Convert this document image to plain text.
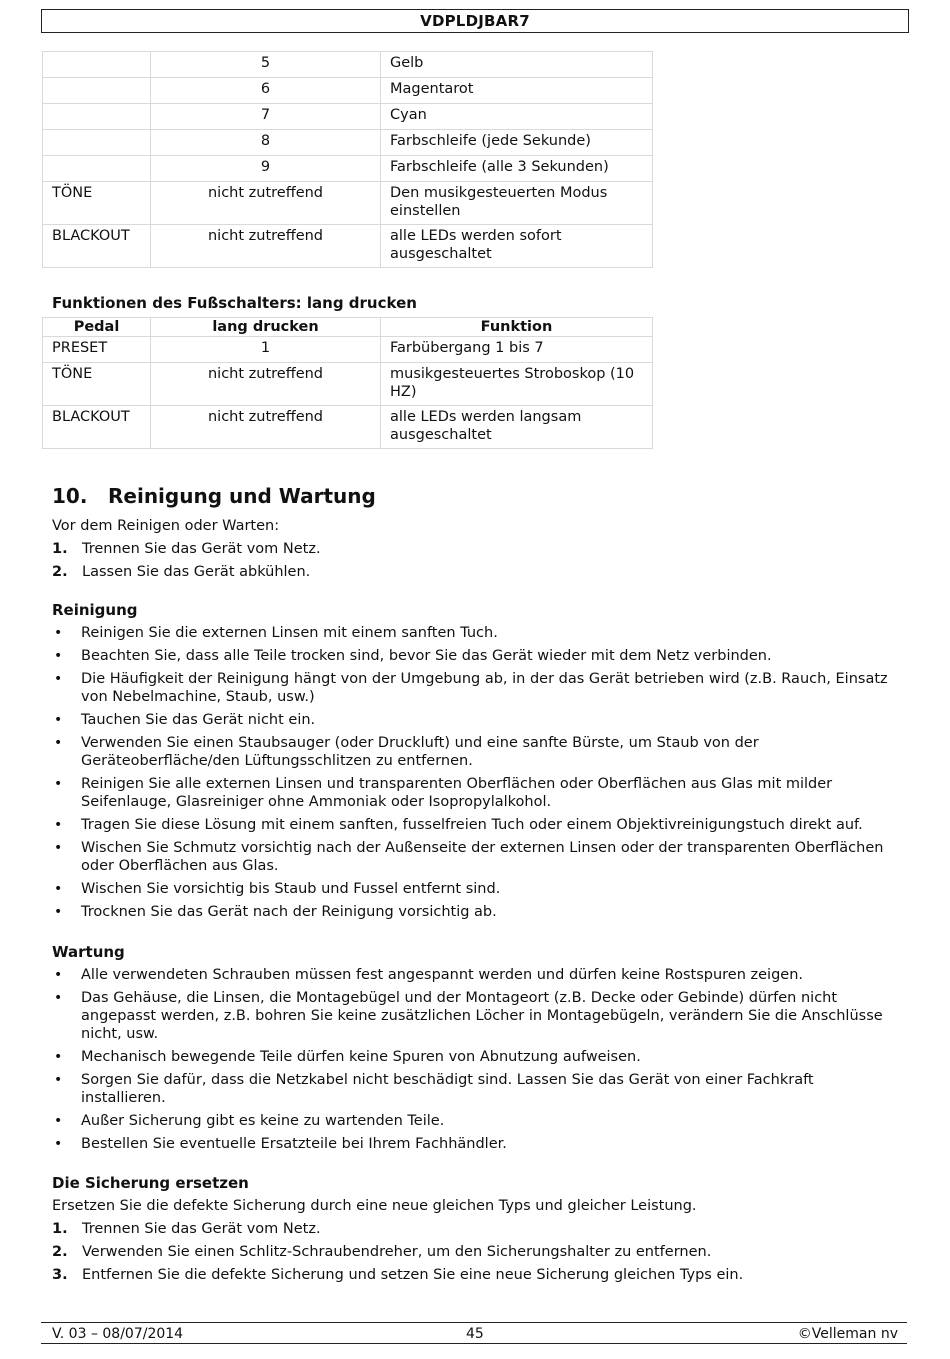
VDPLDJBAR7
	5	Gelb
	6	Magentarot
	7	Cyan
	8	Farbschleife (jede Sekunde)
	9	Farbschleife (alle 3 Sekunden)
TÖNE	nicht zutreffend	Den musikgesteuerten Modus einstellen
BLACKOUT	nicht zutreffend	alle LEDs werden sofort ausgeschaltet
Funktionen des Fußschalters: lang drucken
Pedal	lang drucken	Funktion
PRESET	1	Farbübergang 1 bis 7
TÖNE	nicht zutreffend	musikgesteuertes Stroboskop (10 HZ)
BLACKOUT	nicht zutreffend	alle LEDs werden langsam ausgeschaltet
10. Reinigung und Wartung
Vor dem Reinigen oder Warten:
1. Trennen Sie das Gerät vom Netz.
2. Lassen Sie das Gerät abkühlen.
Reinigung
• Reinigen Sie die externen Linsen mit einem sanften Tuch.
• Beachten Sie, dass alle Teile trocken sind, bevor Sie das Gerät wieder mit dem Netz verbinden.
• Die Häufigkeit der Reinigung hängt von der Umgebung ab, in der das Gerät betrieben wird (z.B. Rauch, Einsatz von Nebelmachine, Staub, usw.)
• Tauchen Sie das Gerät nicht ein.
• Verwenden Sie einen Staubsauger (oder Druckluft) und eine sanfte Bürste, um Staub von der Geräteoberfläche/den Lüftungsschlitzen zu entfernen.
• Reinigen Sie alle externen Linsen und transparenten Oberflächen oder Oberflächen aus Glas mit milder Seifenlauge, Glasreiniger ohne Ammoniak oder Isopropylalkohol.
• Tragen Sie diese Lösung mit einem sanften, fusselfreien Tuch oder einem Objektivreinigungstuch direkt auf.
• Wischen Sie Schmutz vorsichtig nach der Außenseite der externen Linsen oder der transparenten Oberflächen oder Oberflächen aus Glas.
• Wischen Sie vorsichtig bis Staub und Fussel entfernt sind.
• Trocknen Sie das Gerät nach der Reinigung vorsichtig ab.
Wartung
• Alle verwendeten Schrauben müssen fest angespannt werden und dürfen keine Rostspuren zeigen.
• Das Gehäuse, die Linsen, die Montagebügel und der Montageort (z.B. Decke oder Gebinde) dürfen nicht angepasst werden, z.B. bohren Sie keine zusätzlichen Löcher in Montagebügeln, verändern Sie die Anschlüsse nicht, usw.
• Mechanisch bewegende Teile dürfen keine Spuren von Abnutzung aufweisen.
• Sorgen Sie dafür, dass die Netzkabel nicht beschädigt sind. Lassen Sie das Gerät von einer Fachkraft installieren.
• Außer Sicherung gibt es keine zu wartenden Teile.
• Bestellen Sie eventuelle Ersatzteile bei Ihrem Fachhändler.
Die Sicherung ersetzen
Ersetzen Sie die defekte Sicherung durch eine neue gleichen Typs und gleicher Leistung.
1. Trennen Sie das Gerät vom Netz.
2. Verwenden Sie einen Schlitz-Schraubendreher, um den Sicherungshalter zu entfernen.
3. Entfernen Sie die defekte Sicherung und setzen Sie eine neue Sicherung gleichen Typs ein.
V. 03 – 08/07/2014	45	©Velleman nv
